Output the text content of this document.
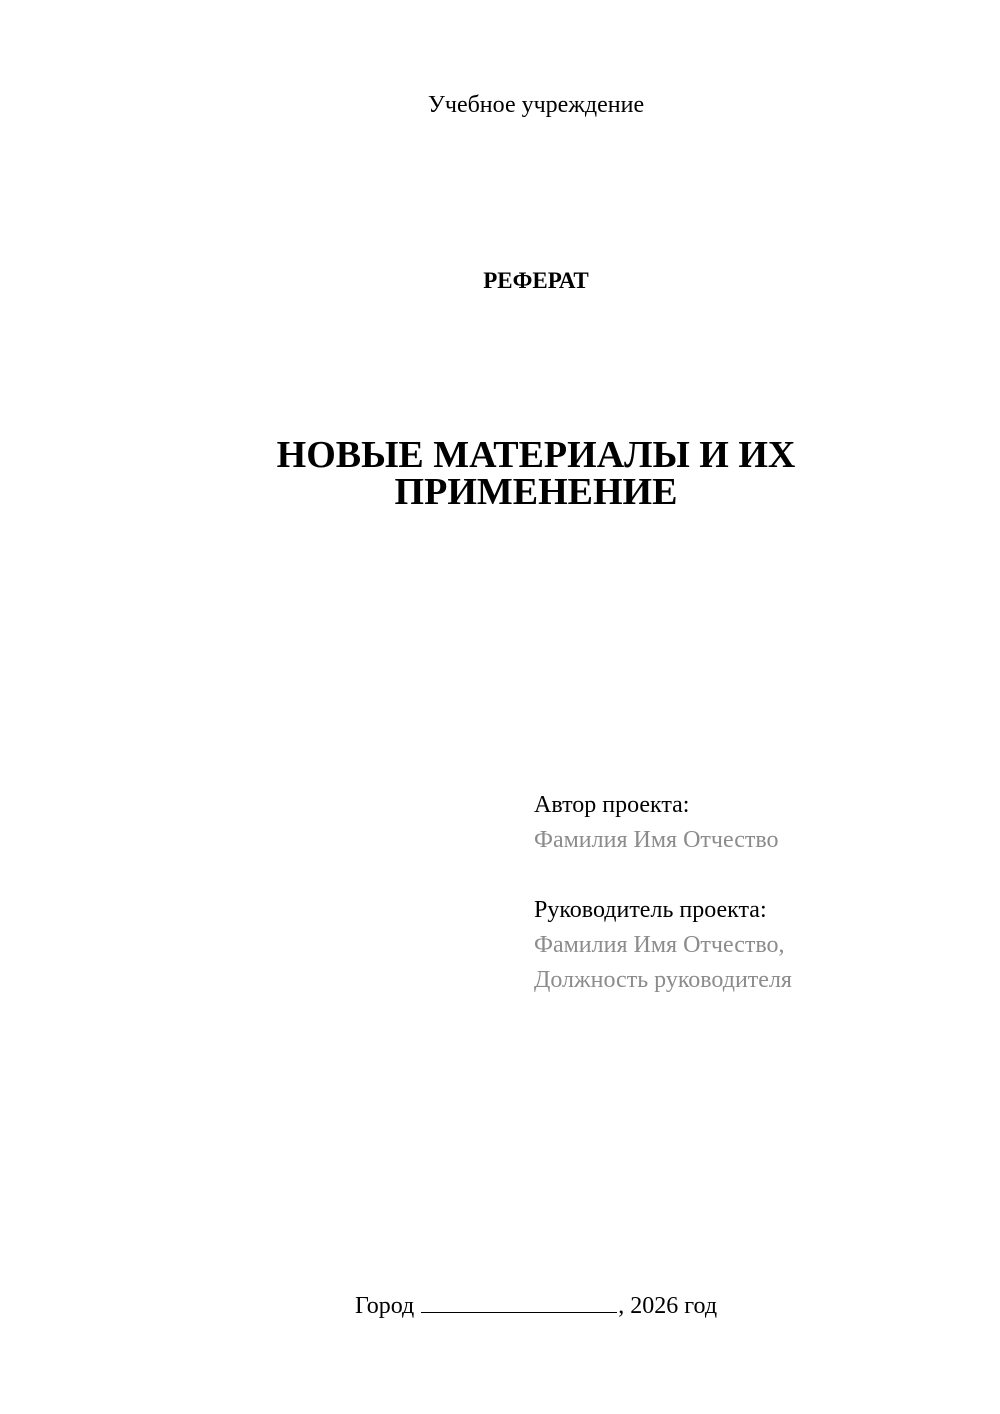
Учебное учреждение
РЕФЕРАТ
НОВЫЕ МАТЕРИАЛЫ И ИХ
ПРИМЕНЕНИЕ
Автор проекта:
Фамилия Имя Отчество
Руководитель проекта:
Фамилия Имя Отчество,
Должность руководителя
Город	, 2026 год
